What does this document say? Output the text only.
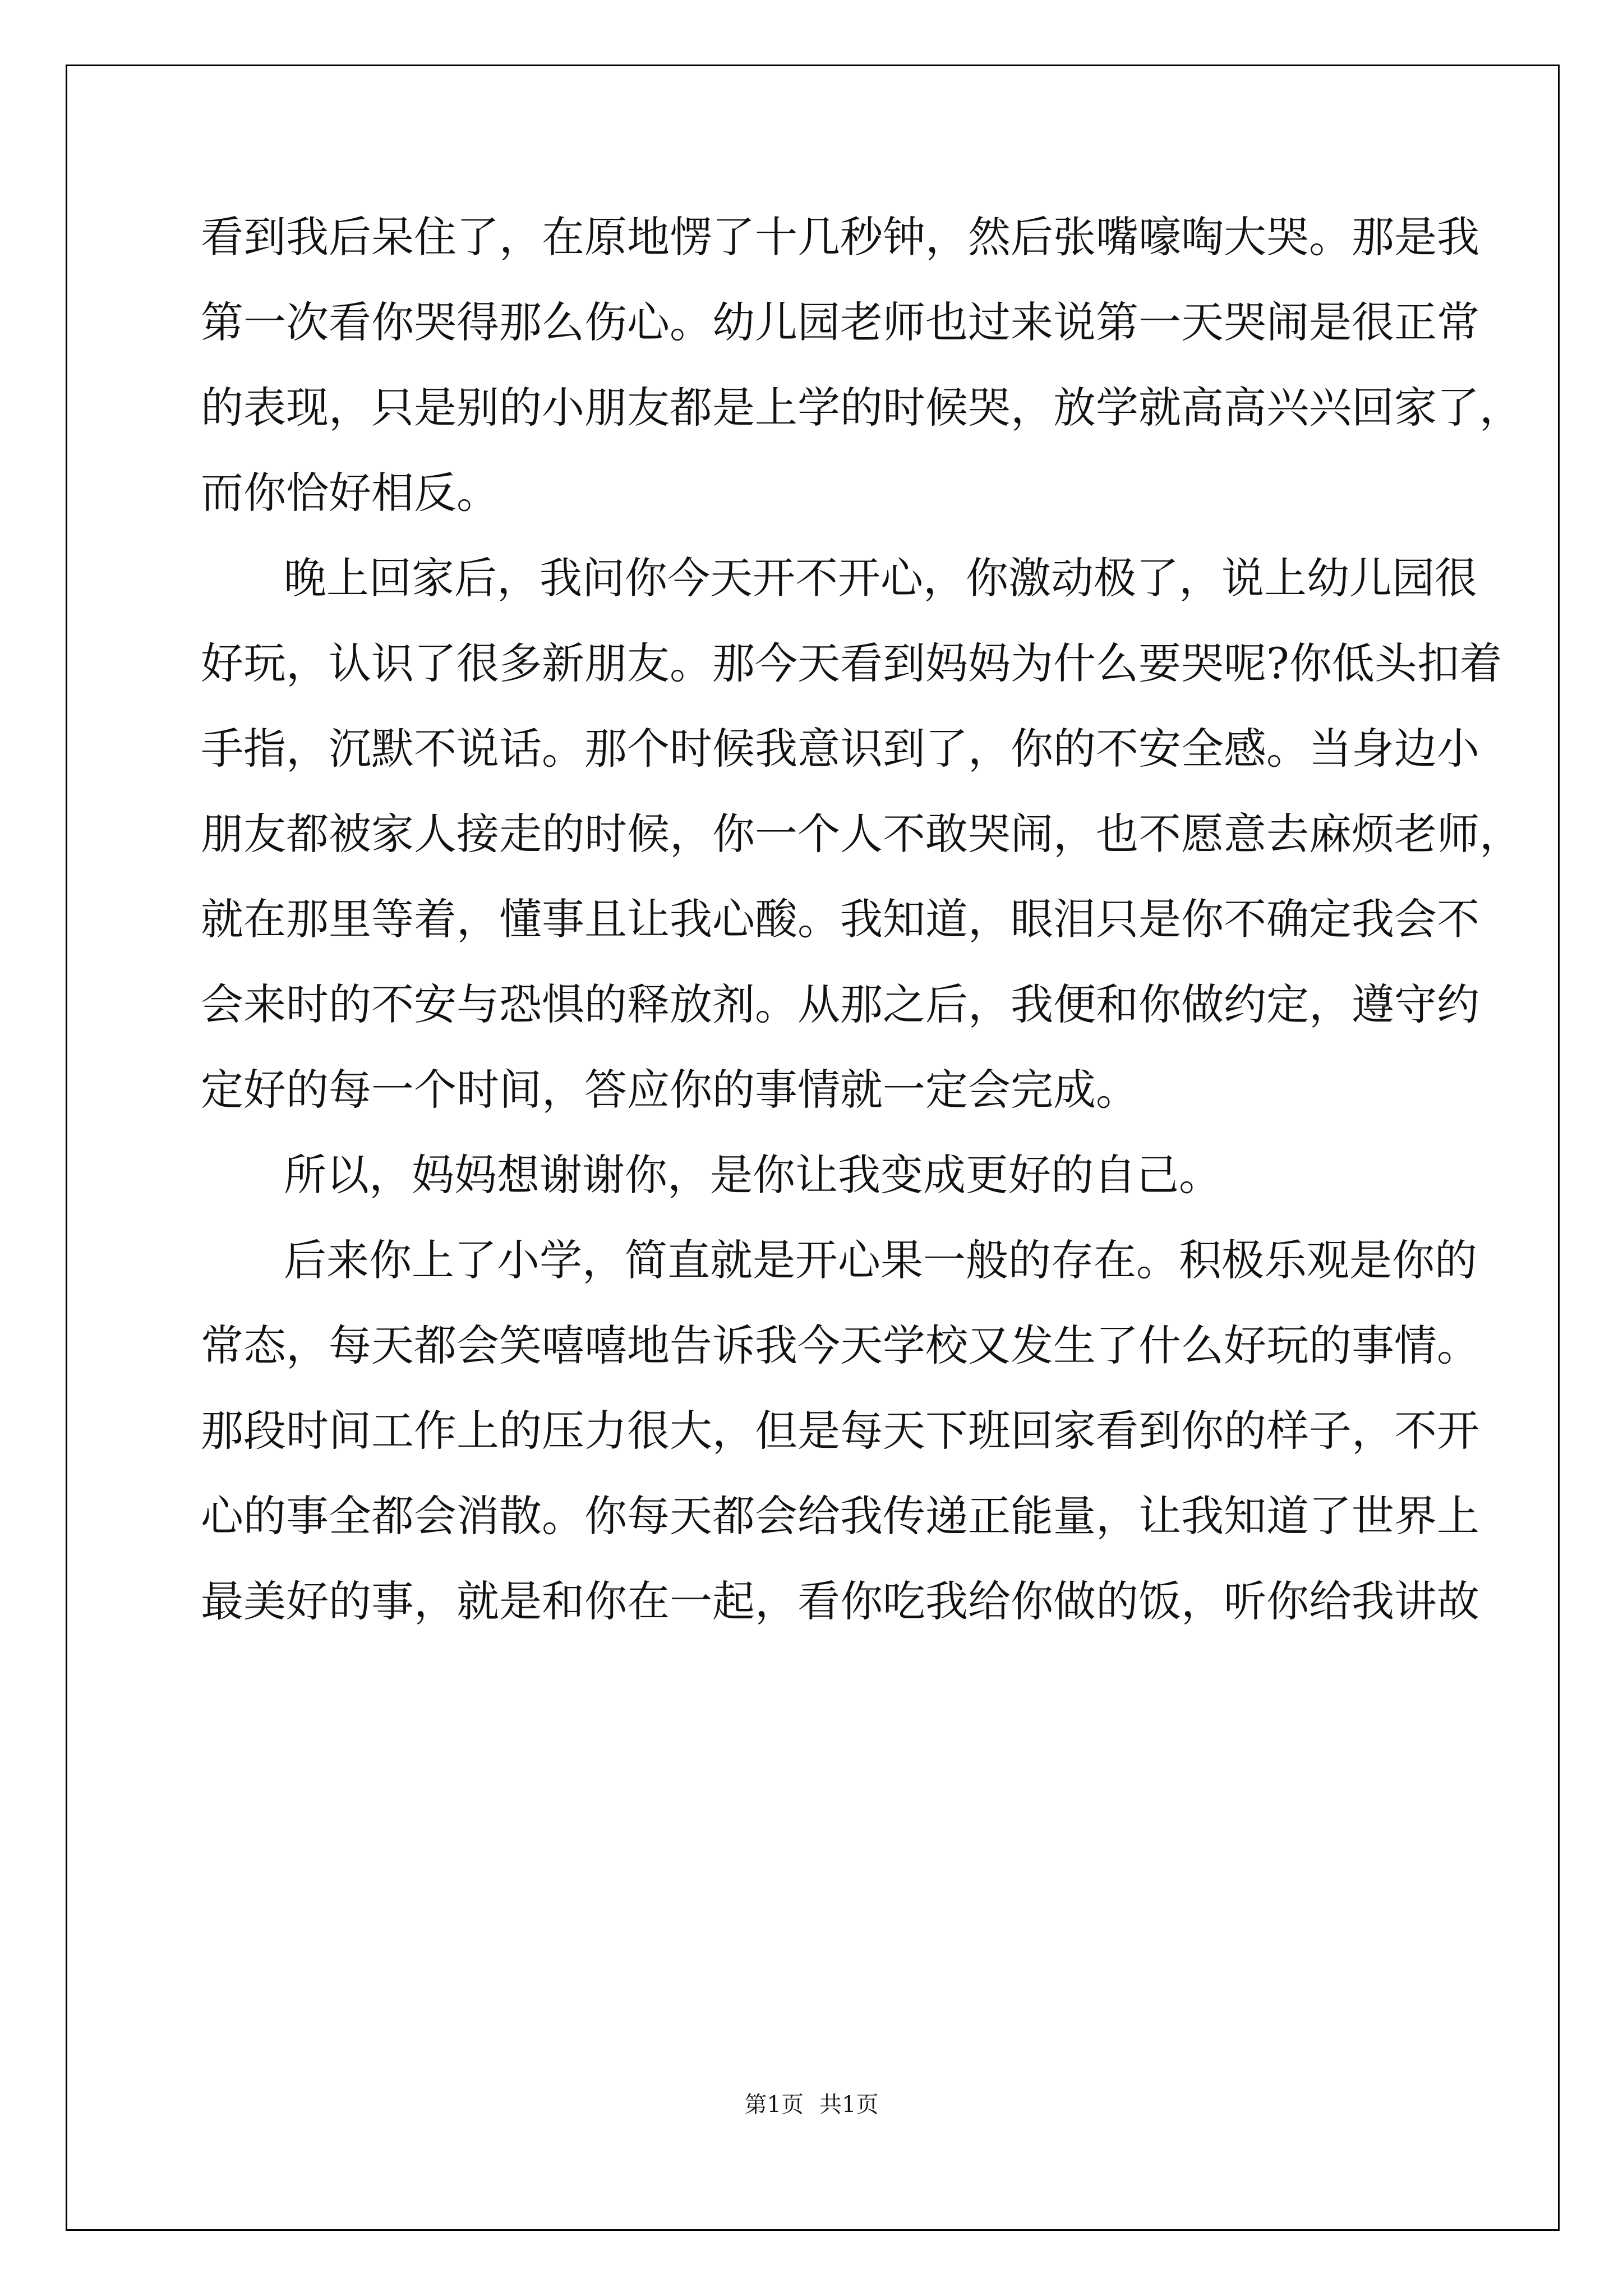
看到我后呆住了，在原地愣了十几秒钟，然后张嘴嚎啕大哭。那是我
第一次看你哭得那么伤心。幼儿园老师也过来说第一天哭闹是很正常
的表现，只是别的小朋友都是上学的时候哭，放学就高高兴兴回家了，
而你恰好相反。
晚上回家后，我问你今天开不开心，你激动极了，说上幼儿园很
好玩，认识了很多新朋友。那今天看到妈妈为什么要哭呢?你低头扣着
手指，沉默不说话。那个时候我意识到了，你的不安全感。当身边小
朋友都被家人接走的时候，你一个人不敢哭闹，也不愿意去麻烦老师，
就在那里等着，懂事且让我心酸。我知道，眼泪只是你不确定我会不
会来时的不安与恐惧的释放剂。从那之后，我便和你做约定，遵守约
定好的每一个时间，答应你的事情就一定会完成。
所以，妈妈想谢谢你，是你让我变成更好的自己。
后来你上了小学，简直就是开心果一般的存在。积极乐观是你的
常态，每天都会笑嘻嘻地告诉我今天学校又发生了什么好玩的事情。
那段时间工作上的压力很大，但是每天下班回家看到你的样子，不开
心的事全都会消散。你每天都会给我传递正能量，让我知道了世界上
最美好的事，就是和你在一起，看你吃我给你做的饭，听你给我讲故
第1页 共1页
